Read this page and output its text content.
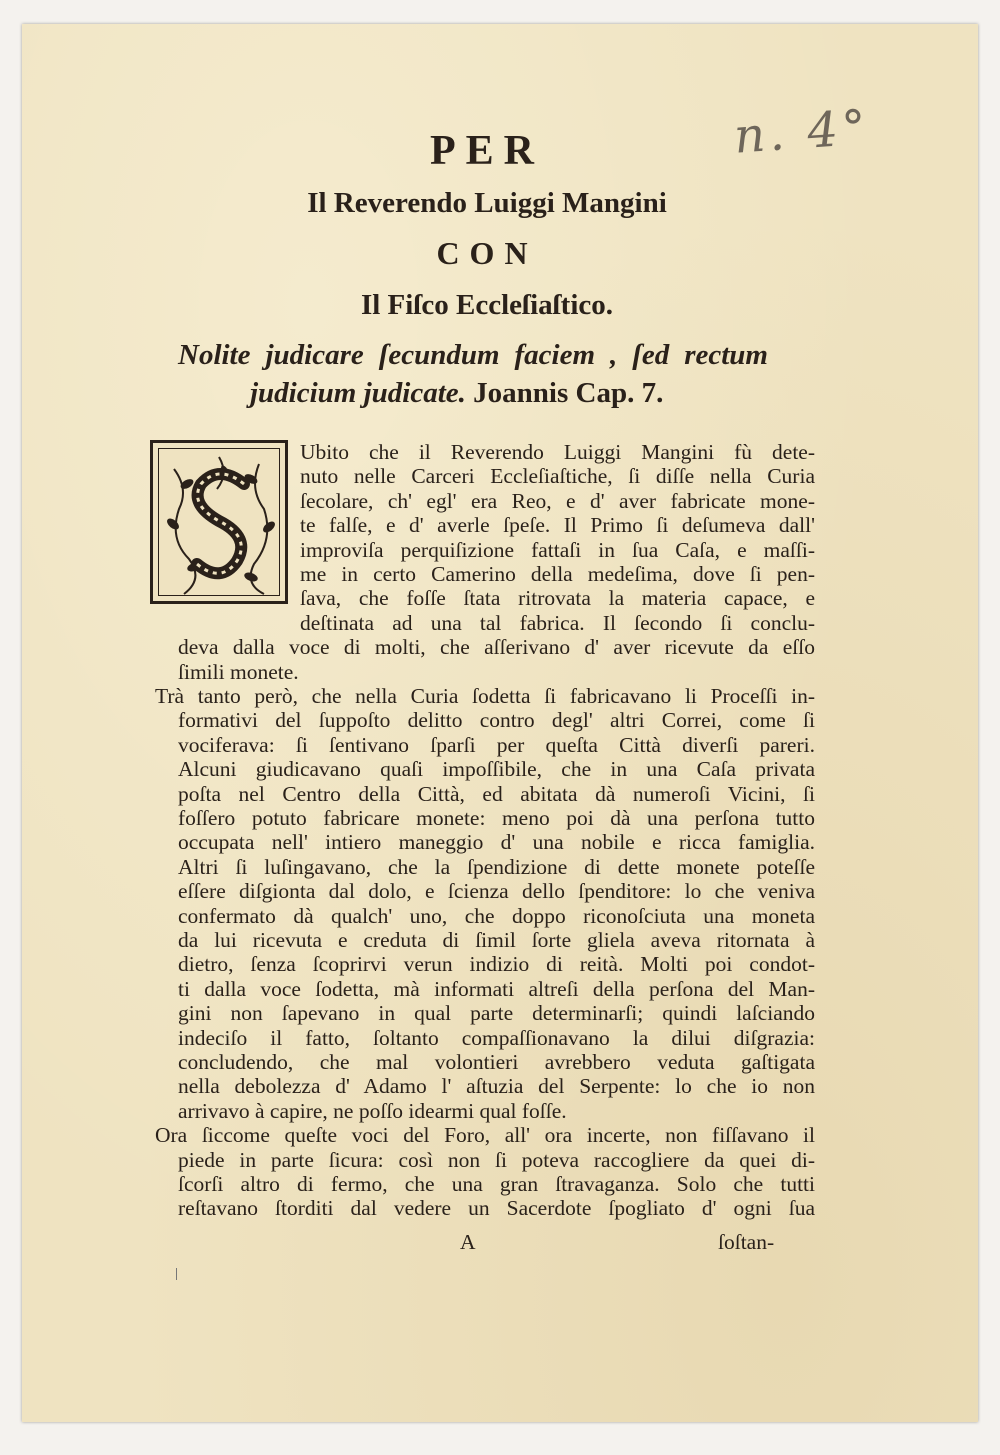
PER
Il Reverendo Luiggi Mangini
CON
Il Fiſco Eccleſiaſtico.
n. 4°
Nolite judicare ſecundum faciem , ſed rectum
judicium judicate. Joannis Cap. 7.
Ubito che il Reverendo Luiggi Mangini fù dete-
nuto nelle Carceri Eccleſiaſtiche, ſi diſſe nella Curia
ſecolare, ch' egl' era Reo, e d' aver fabricate mone-
te falſe, e d' averle ſpeſe. Il Primo ſi deſumeva dall'
improviſa perquiſizione fattaſi in ſua Caſa, e maſſi-
me in certo Camerino della medeſima, dove ſi pen-
ſava, che foſſe ſtata ritrovata la materia capace, e
deſtinata ad una tal fabrica. Il ſecondo ſi conclu-
deva dalla voce di molti, che aſſerivano d' aver ricevute da eſſo
ſimili monete.
Trà tanto però, che nella Curia ſodetta ſi fabricavano li Proceſſi in-
formativi del ſuppoſto delitto contro degl' altri Correi, come ſi
vociferava: ſi ſentivano ſparſi per queſta Città diverſi pareri.
Alcuni giudicavano quaſi impoſſibile, che in una Caſa privata
poſta nel Centro della Città, ed abitata dà numeroſi Vicini, ſi
foſſero potuto fabricare monete: meno poi dà una perſona tutto
occupata nell' intiero maneggio d' una nobile e ricca famiglia.
Altri ſi luſingavano, che la ſpendizione di dette monete poteſſe
eſſere diſgionta dal dolo, e ſcienza dello ſpenditore: lo che veniva
confermato dà qualch' uno, che doppo riconoſciuta una moneta
da lui ricevuta e creduta di ſimil ſorte gliela aveva ritornata à
dietro, ſenza ſcoprirvi verun indizio di reità. Molti poi condot-
ti dalla voce ſodetta, mà informati altreſi della perſona del Man-
gini non ſapevano in qual parte determinarſi; quindi laſciando
indeciſo il fatto, ſoltanto compaſſionavano la dilui diſgrazia:
concludendo, che mal volontieri avrebbero veduta gaſtigata
nella debolezza d' Adamo l' aſtuzia del Serpente: lo che io non
arrivavo à capire, ne poſſo idearmi qual foſſe.
Ora ſiccome queſte voci del Foro, all' ora incerte, non fiſſavano il
piede in parte ſicura: così non ſi poteva raccogliere da quei di-
ſcorſi altro di fermo, che una gran ſtravaganza. Solo che tutti
reſtavano ſtorditi dal vedere un Sacerdote ſpogliato d' ogni ſua
A	ſoſtan-
